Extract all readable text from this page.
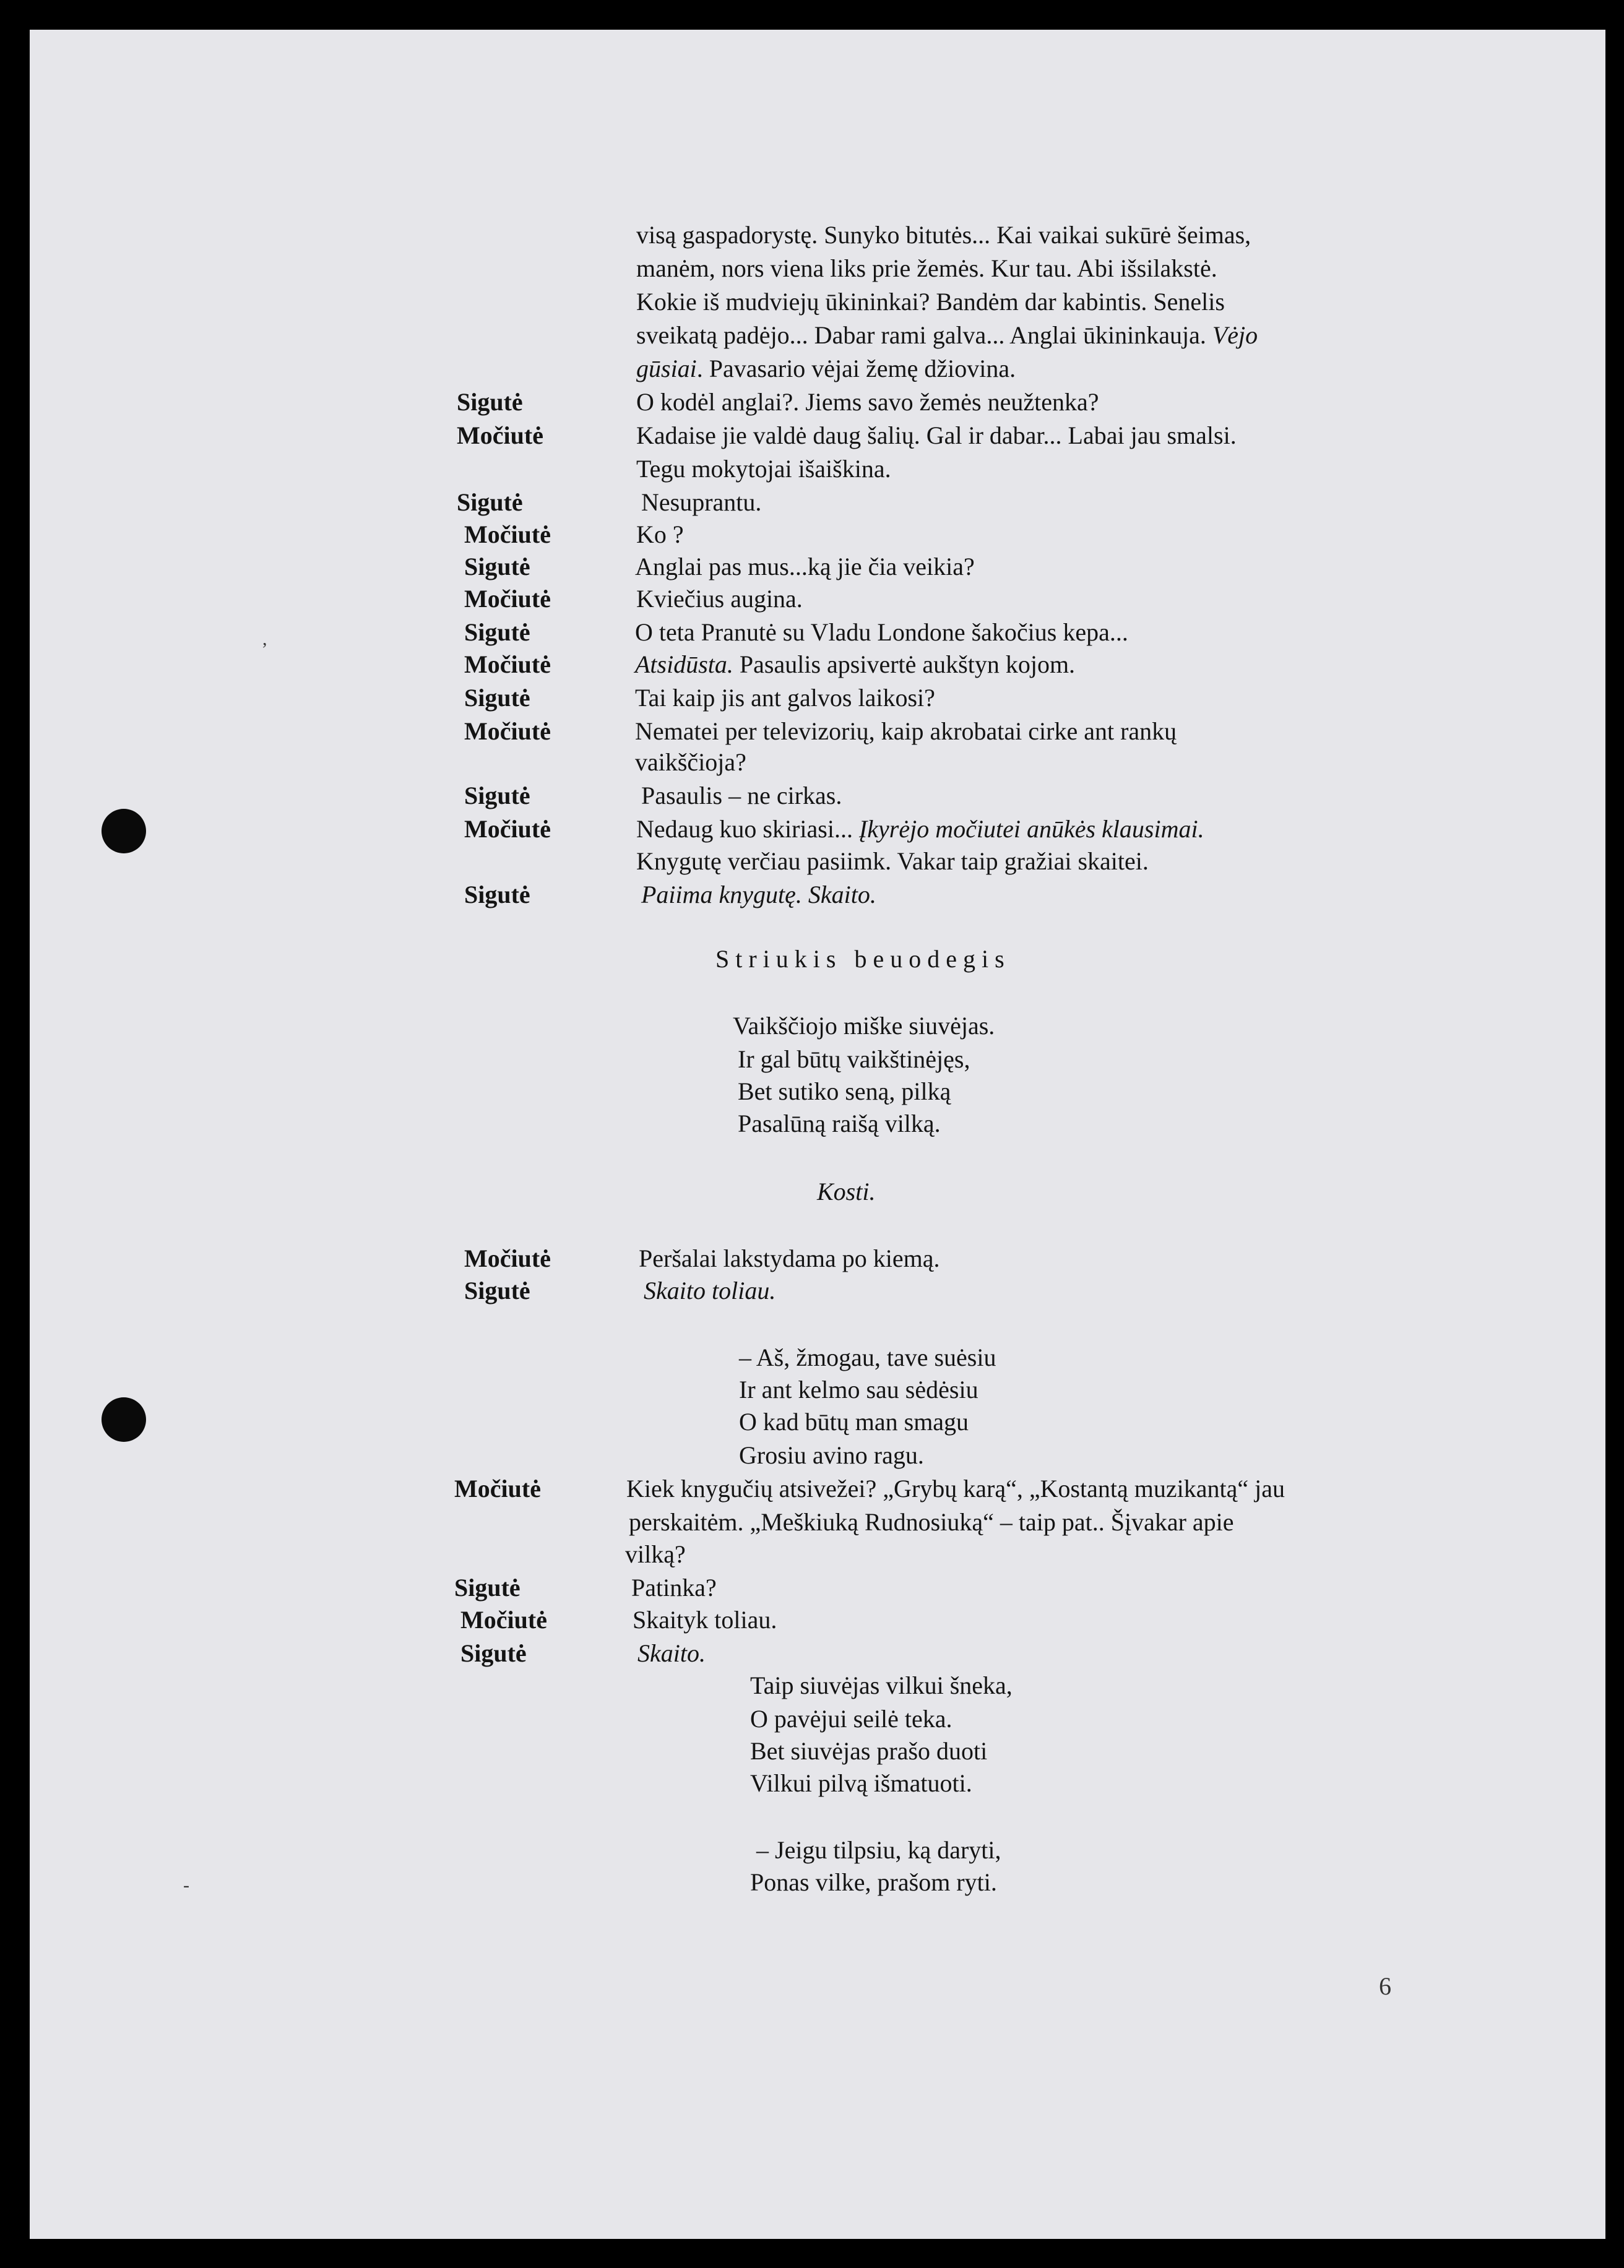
,
-
visą gaspadorystę. Sunyko bitutės... Kai vaikai sukūrė šeimas,
manėm, nors viena liks prie žemės. Kur tau. Abi išsilakstė.
Kokie iš mudviejų ūkininkai? Bandėm dar kabintis. Senelis
sveikatą padėjo... Dabar rami galva... Anglai ūkininkauja. Vėjo
gūsiai. Pavasario vėjai žemę džiovina.
Sigutė	O kodėl anglai?. Jiems savo žemės neužtenka?
Močiutė	Kadaise jie valdė daug šalių. Gal ir dabar... Labai jau smalsi.
Tegu mokytojai išaiškina.
Sigutė	Nesuprantu.
Močiutė	Ko ?
Sigutė	Anglai pas mus...ką jie čia veikia?
Močiutė	Kviečius augina.
Sigutė	O teta Pranutė su Vladu Londone šakočius kepa...
Močiutė	Atsidūsta. Pasaulis apsivertė aukštyn kojom.
Sigutė	Tai kaip jis ant galvos laikosi?
Močiutė	Nematei per televizorių, kaip akrobatai cirke ant rankų
vaikščioja?
Sigutė	Pasaulis – ne cirkas.
Močiutė	Nedaug kuo skiriasi... Įkyrėjo močiutei anūkės klausimai.
Knygutę verčiau pasiimk. Vakar taip gražiai skaitei.
Sigutė	Paiima knygutę. Skaito.
Striukis beuodegis
Vaikščiojo miške siuvėjas.
Ir gal būtų vaikštinėjęs,
Bet sutiko seną, pilką
Pasalūną raišą vilką.
Kosti.
Močiutė	Peršalai lakstydama po kiemą.
Sigutė	Skaito toliau.
– Aš, žmogau, tave suėsiu
Ir ant kelmo sau sėdėsiu
O kad būtų man smagu
Grosiu avino ragu.
Močiutė	Kiek knygučių atsivežei? „Grybų karą“, „Kostantą muzikantą“ jau
perskaitėm. „Meškiuką Rudnosiuką“ – taip pat.. Šįvakar apie
vilką?
Sigutė	Patinka?
Močiutė	Skaityk toliau.
Sigutė	Skaito.
Taip siuvėjas vilkui šneka,
O pavėjui seilė teka.
Bet siuvėjas prašo duoti
Vilkui pilvą išmatuoti.
– Jeigu tilpsiu, ką daryti,
Ponas vilke, prašom ryti.
6
